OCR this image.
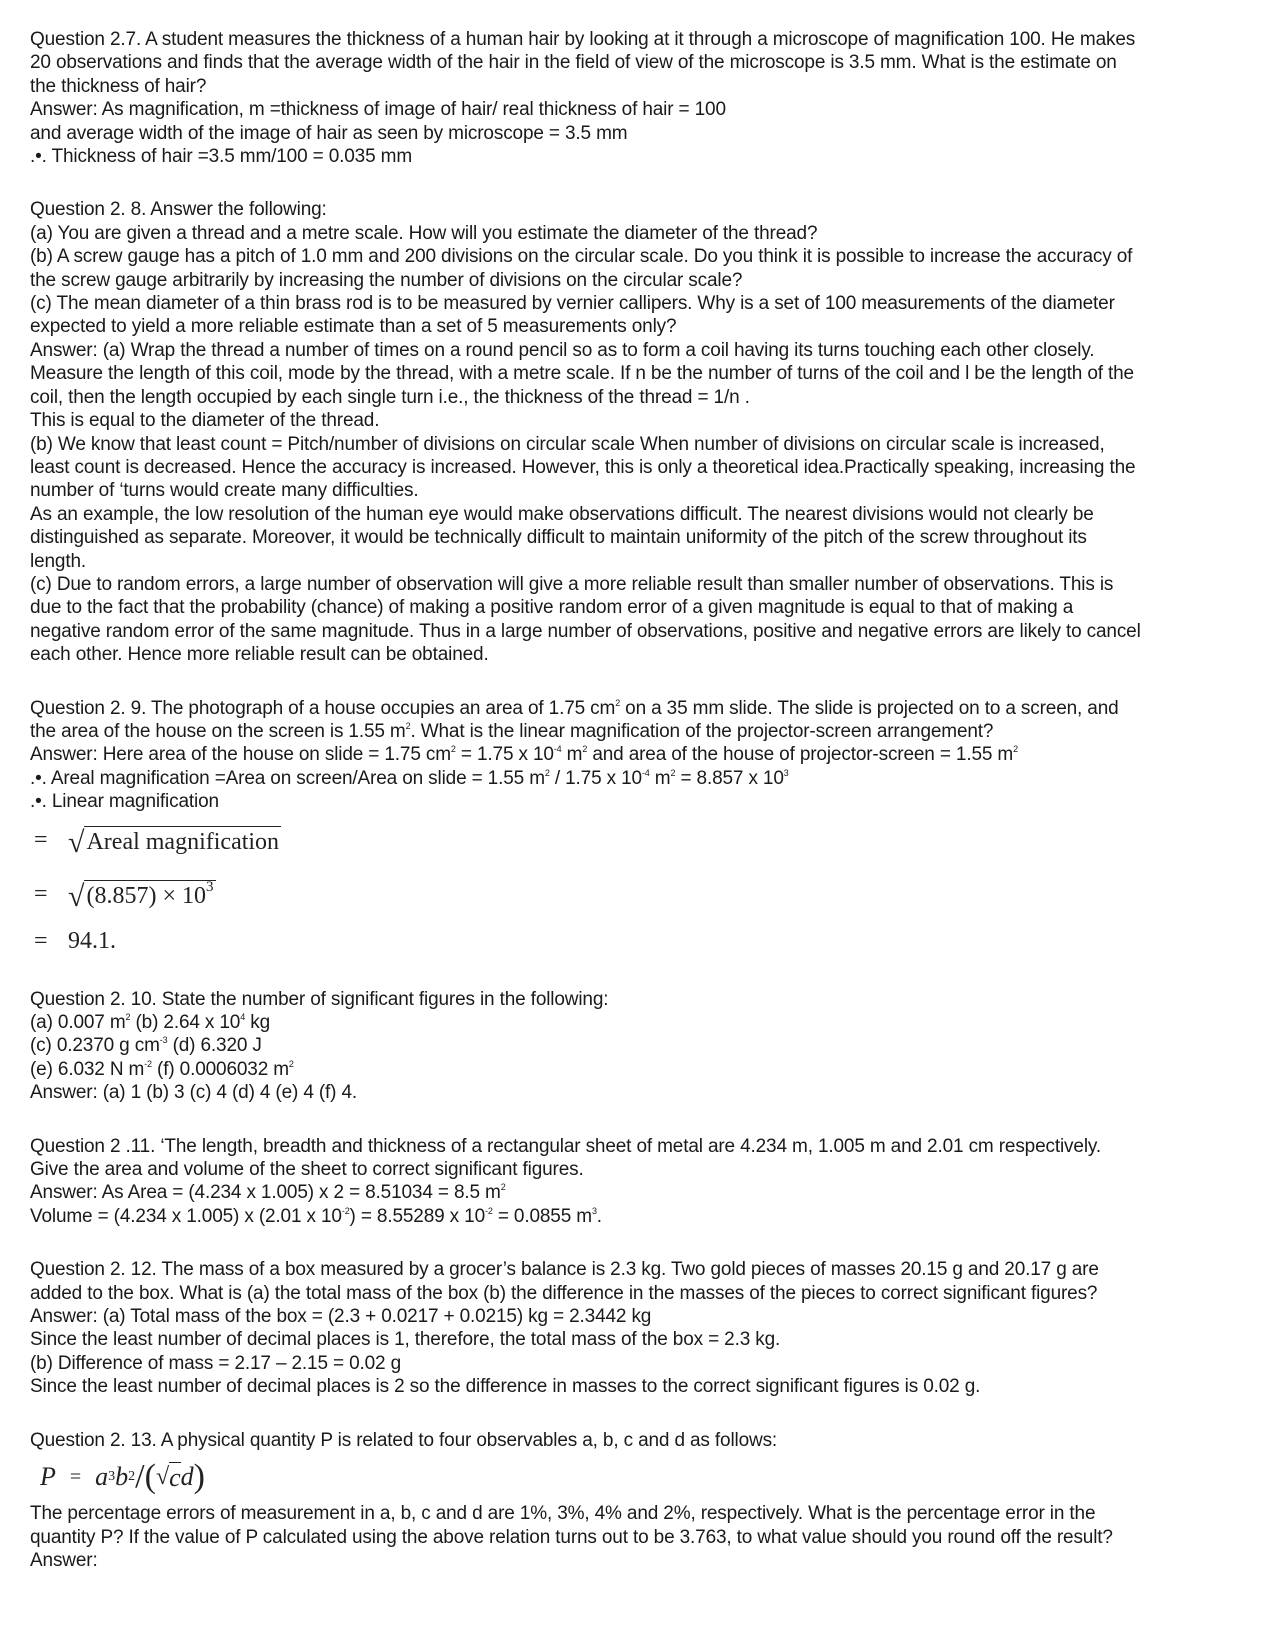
Question 2.7. A student measures the thickness of a human hair by looking at it through a microscope of magnification 100. He makes
20 observations and finds that the average width of the hair in the field of view of the microscope is 3.5 mm. What is the estimate on
the thickness of hair?
Answer: As magnification, m =thickness of image of hair/ real thickness of hair = 100
and average width of the image of hair as seen by microscope = 3.5 mm
.•. Thickness of hair =3.5 mm/100 = 0.035 mm
Question 2. 8. Answer the following:
(a) You are given a thread and a metre scale. How will you estimate the diameter of the thread?
(b) A screw gauge has a pitch of 1.0 mm and 200 divisions on the circular scale. Do you think it is possible to increase the accuracy of
the screw gauge arbitrarily by increasing the number of divisions on the circular scale?
(c) The mean diameter of a thin brass rod is to be measured by vernier callipers. Why is a set of 100 measurements of the diameter
expected to yield a more reliable estimate than a set of 5 measurements only?
Answer: (a) Wrap the thread a number of times on a round pencil so as to form a coil having its turns touching each other closely.
Measure the length of this coil, mode by the thread, with a metre scale. If n be the number of turns of the coil and l be the length of the
coil, then the length occupied by each single turn i.e., the thickness of the thread = 1/n .
This is equal to the diameter of the thread.
(b) We know that least count = Pitch/number of divisions on circular scale When number of divisions on circular scale is increased,
least count is decreased. Hence the accuracy is increased. However, this is only a theoretical idea.Practically speaking, increasing the
number of ‘turns would create many difficulties.
As an example, the low resolution of the human eye would make observations difficult. The nearest divisions would not clearly be
distinguished as separate. Moreover, it would be technically difficult to maintain uniformity of the pitch of the screw throughout its
length.
(c) Due to random errors, a large number of observation will give a more reliable result than smaller number of observations. This is
due to the fact that the probability (chance) of making a positive random error of a given magnitude is equal to that of making a
negative random error of the same magnitude. Thus in a large number of observations, positive and negative errors are likely to cancel
each other. Hence more reliable result can be obtained.
Question 2. 9. The photograph of a house occupies an area of 1.75 $cm^2$ on a 35 mm slide. The slide is projected on to a screen, and
the area of the house on the screen is 1.55 $m^2$. What is the linear magnification of the projector-screen arrangement?
Answer: Here area of the house on slide = 1.75 $cm^2 = 1.75$ x $10^{-4}$ $m^2$ and area of the house of projector-screen = 1.55 $m^2$
.•. Areal magnification =Area on screen/Area on slide = 1.55 $m^2 / 1.75$ x $10^{-4}$ $m^2 = 8.857$ x $10^3$
.•. Linear magnification
= √ Areal magnification
= √ $(8.857) \times 10^3$
= 94.1.
Question 2. 10. State the number of significant figures in the following:
(a) 0.007 $m^2$ (b) 2.64 x $10^4$ kg
(c) 0.2370 g $cm^{-3}$ (d) 6.320 J
(e) 6.032 N $m^{-2}$ (f) 0.0006032 $m^2$
Answer: (a) 1 (b) 3 (c) 4 (d) 4 (e) 4 (f) 4.
Question 2 .11. ‘The length, breadth and thickness of a rectangular sheet of metal are 4.234 m, 1.005 m and 2.01 cm respectively.
Give the area and volume of the sheet to correct significant figures.
Answer: As Area = (4.234 x 1.005) x 2 = 8.51034 = 8.5 $m^2$
Volume = (4.234 x 1.005) x (2.01 x $10^{-2}) = 8.55289$ x $10^{-2} = 0.0855$ $m^3$.
Question 2. 12. The mass of a box measured by a grocer’s balance is 2.3 kg. Two gold pieces of masses 20.15 g and 20.17 g are
added to the box. What is (a) the total mass of the box (b) the difference in the masses of the pieces to correct significant figures?
Answer: (a) Total mass of the box = (2.3 + 0.0217 + 0.0215) kg = 2.3442 kg
Since the least number of decimal places is 1, therefore, the total mass of the box = 2.3 kg.
(b) Difference of mass = 2.17 – 2.15 = 0.02 g
Since the least number of decimal places is 2 so the difference in masses to the correct significant figures is 0.02 g.
Question 2. 13. A physical quantity P is related to four observables a, b, c and d as follows:
P = a 3 b 2 / ( √ c d )
The percentage errors of measurement in a, b, c and d are 1%, 3%, 4% and 2%, respectively. What is the percentage error in the
quantity P? If the value of P calculated using the above relation turns out to be 3.763, to what value should you round off the result?
Answer:
